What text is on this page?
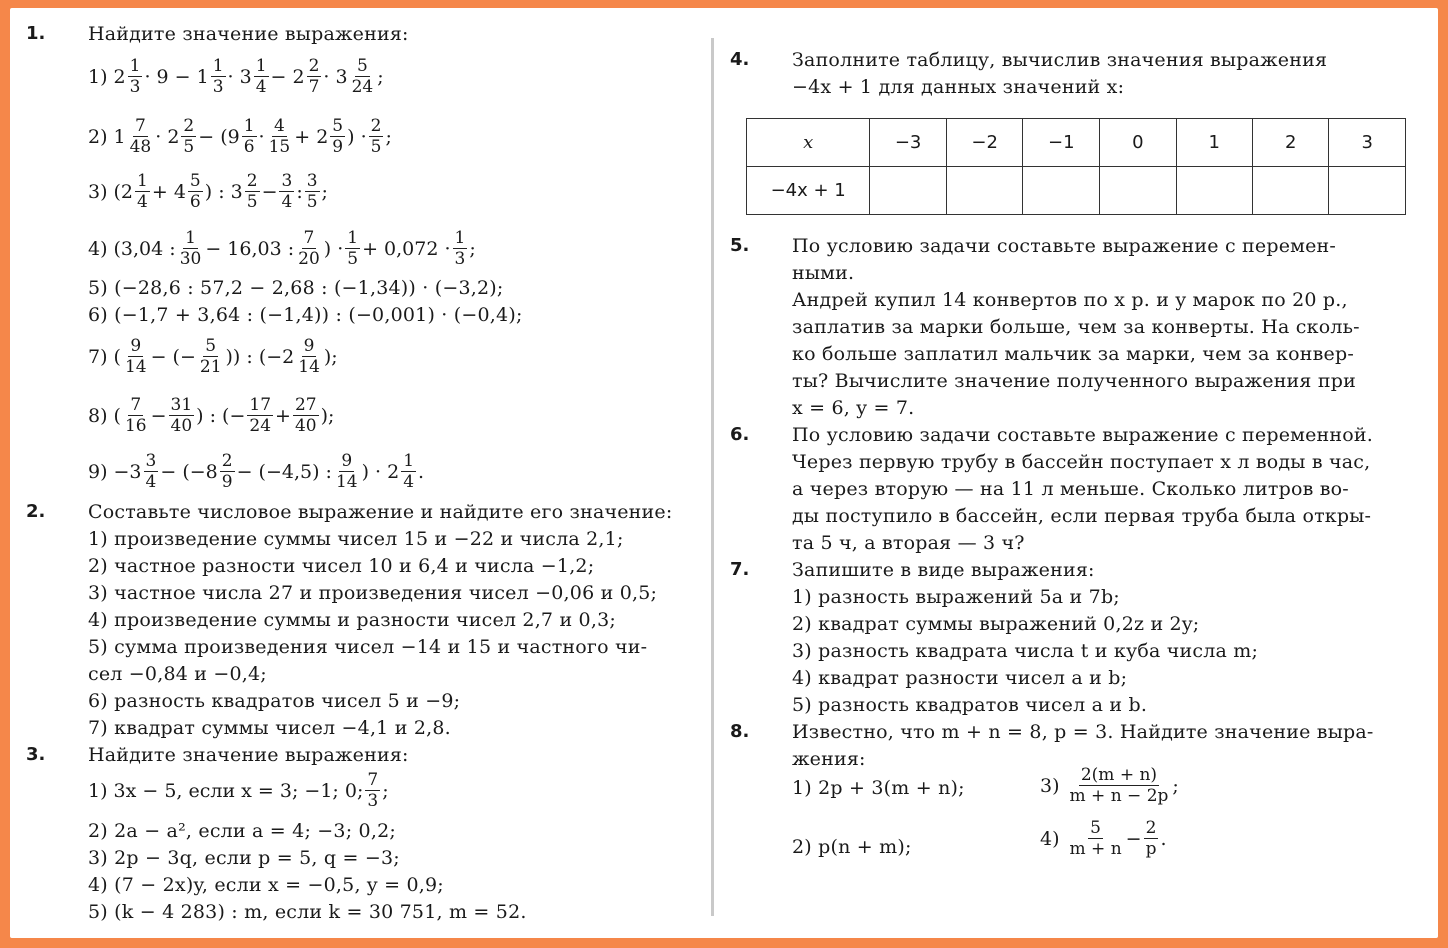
1. Найдите значение выражения:
1) $2 \frac{1}{3} \cdot 9 - 1 \frac{1}{3} \cdot 3 \frac{1}{4} - 2 \frac{2}{7} \cdot 3 \frac{5}{24}$ ;
2) $1 \frac{7}{48} \cdot 2 \frac{2}{5} - (9 \frac{1}{6} \cdot \frac{4}{15} + 2 \frac{5}{9}$ ) · $\frac{2}{5}$ ;
3) ($2 \frac{1}{4} + 4 \frac{5}{6}$ ) : $3 \frac{2}{5} - \frac{3}{4}$ : $\frac{3}{5}$ ;
4) (3,04 : $\frac{1}{30} - 16,03$ : $\frac{7}{20}$ ) · $\frac{1}{5} + 0,072 \cdot \frac{1}{3}$ ;
5) (−28,6 : 57,2 − 2,68 : (−1,34)) · (−3,2);
6) (−1,7 + 3,64 : (−1,4)) : (−0,001) · (−0,4);
7) ( $\frac{9}{14}$ − (− $\frac{5}{21}$ )) : ($-2 \frac{9}{14}$ );
8) ( $\frac{7}{16} - \frac{31}{40}$ ) : (− $\frac{17}{24} + \frac{27}{40}$ );
$9) -3 \frac{3}{4} - (-8 \frac{2}{9} - (-4,5)$ : $\frac{9}{14}$ ) · $2 \frac{1}{4}$ .
2. Составьте числовое выражение и найдите его значение:
1) произведение суммы чисел 15 и −22 и числа 2,1;
2) частное разности чисел 10 и 6,4 и числа −1,2;
3) частное числа 27 и произведения чисел −0,06 и 0,5;
4) произведение суммы и разности чисел 2,7 и 0,3;
5) сумма произведения чисел −14 и 15 и частного чи-
сел −0,84 и −0,4;
6) разность квадратов чисел 5 и −9;
7) квадрат суммы чисел −4,1 и 2,8.
3. Найдите значение выражения:
1) 3x − 5, если x = 3; −1; 0; $\frac{7}{3}$ ;
2) 2a − a², если a = 4; −3; 0,2;
3) 2p − 3q, если p = 5, q = −3;
4) (7 − 2x)y, если x = −0,5, y = 0,9;
5) (k − 4 283) : m, если k = 30 751, m = 52.
4. Заполните таблицу, вычислив значения выражения
−4x + 1 для данных значений x:
x	−3	−2	−1	0	1	2	3
−4x + 1							
5. По условию задачи составьте выражение с перемен-
ными.
Андрей купил 14 конвертов по x р. и y марок по 20 р.,
заплатив за марки больше, чем за конверты. На сколь-
ко больше заплатил мальчик за марки, чем за конвер-
ты? Вычислите значение полученного выражения при
x = 6, y = 7.
6. По условию задачи составьте выражение с переменной.
Через первую трубу в бассейн поступает x л воды в час,
а через вторую — на 11 л меньше. Сколько литров во-
ды поступило в бассейн, если первая труба была откры-
та 5 ч, а вторая — 3 ч?
7. Запишите в виде выражения:
1) разность выражений 5a и 7b;
2) квадрат суммы выражений 0,2z и 2y;
3) разность квадрата числа t и куба числа m;
4) квадрат разности чисел a и b;
5) разность квадратов чисел a и b.
8. Известно, что m + n = 8, p = 3. Найдите значение выра-
жения:
1) 2p + 3(m + n);
2) p(n + m);
$3) \frac{2(m + n)}{m + n - 2p}$ ;
$4) \frac{5}{m + n} - \frac{2}{p}$ .
